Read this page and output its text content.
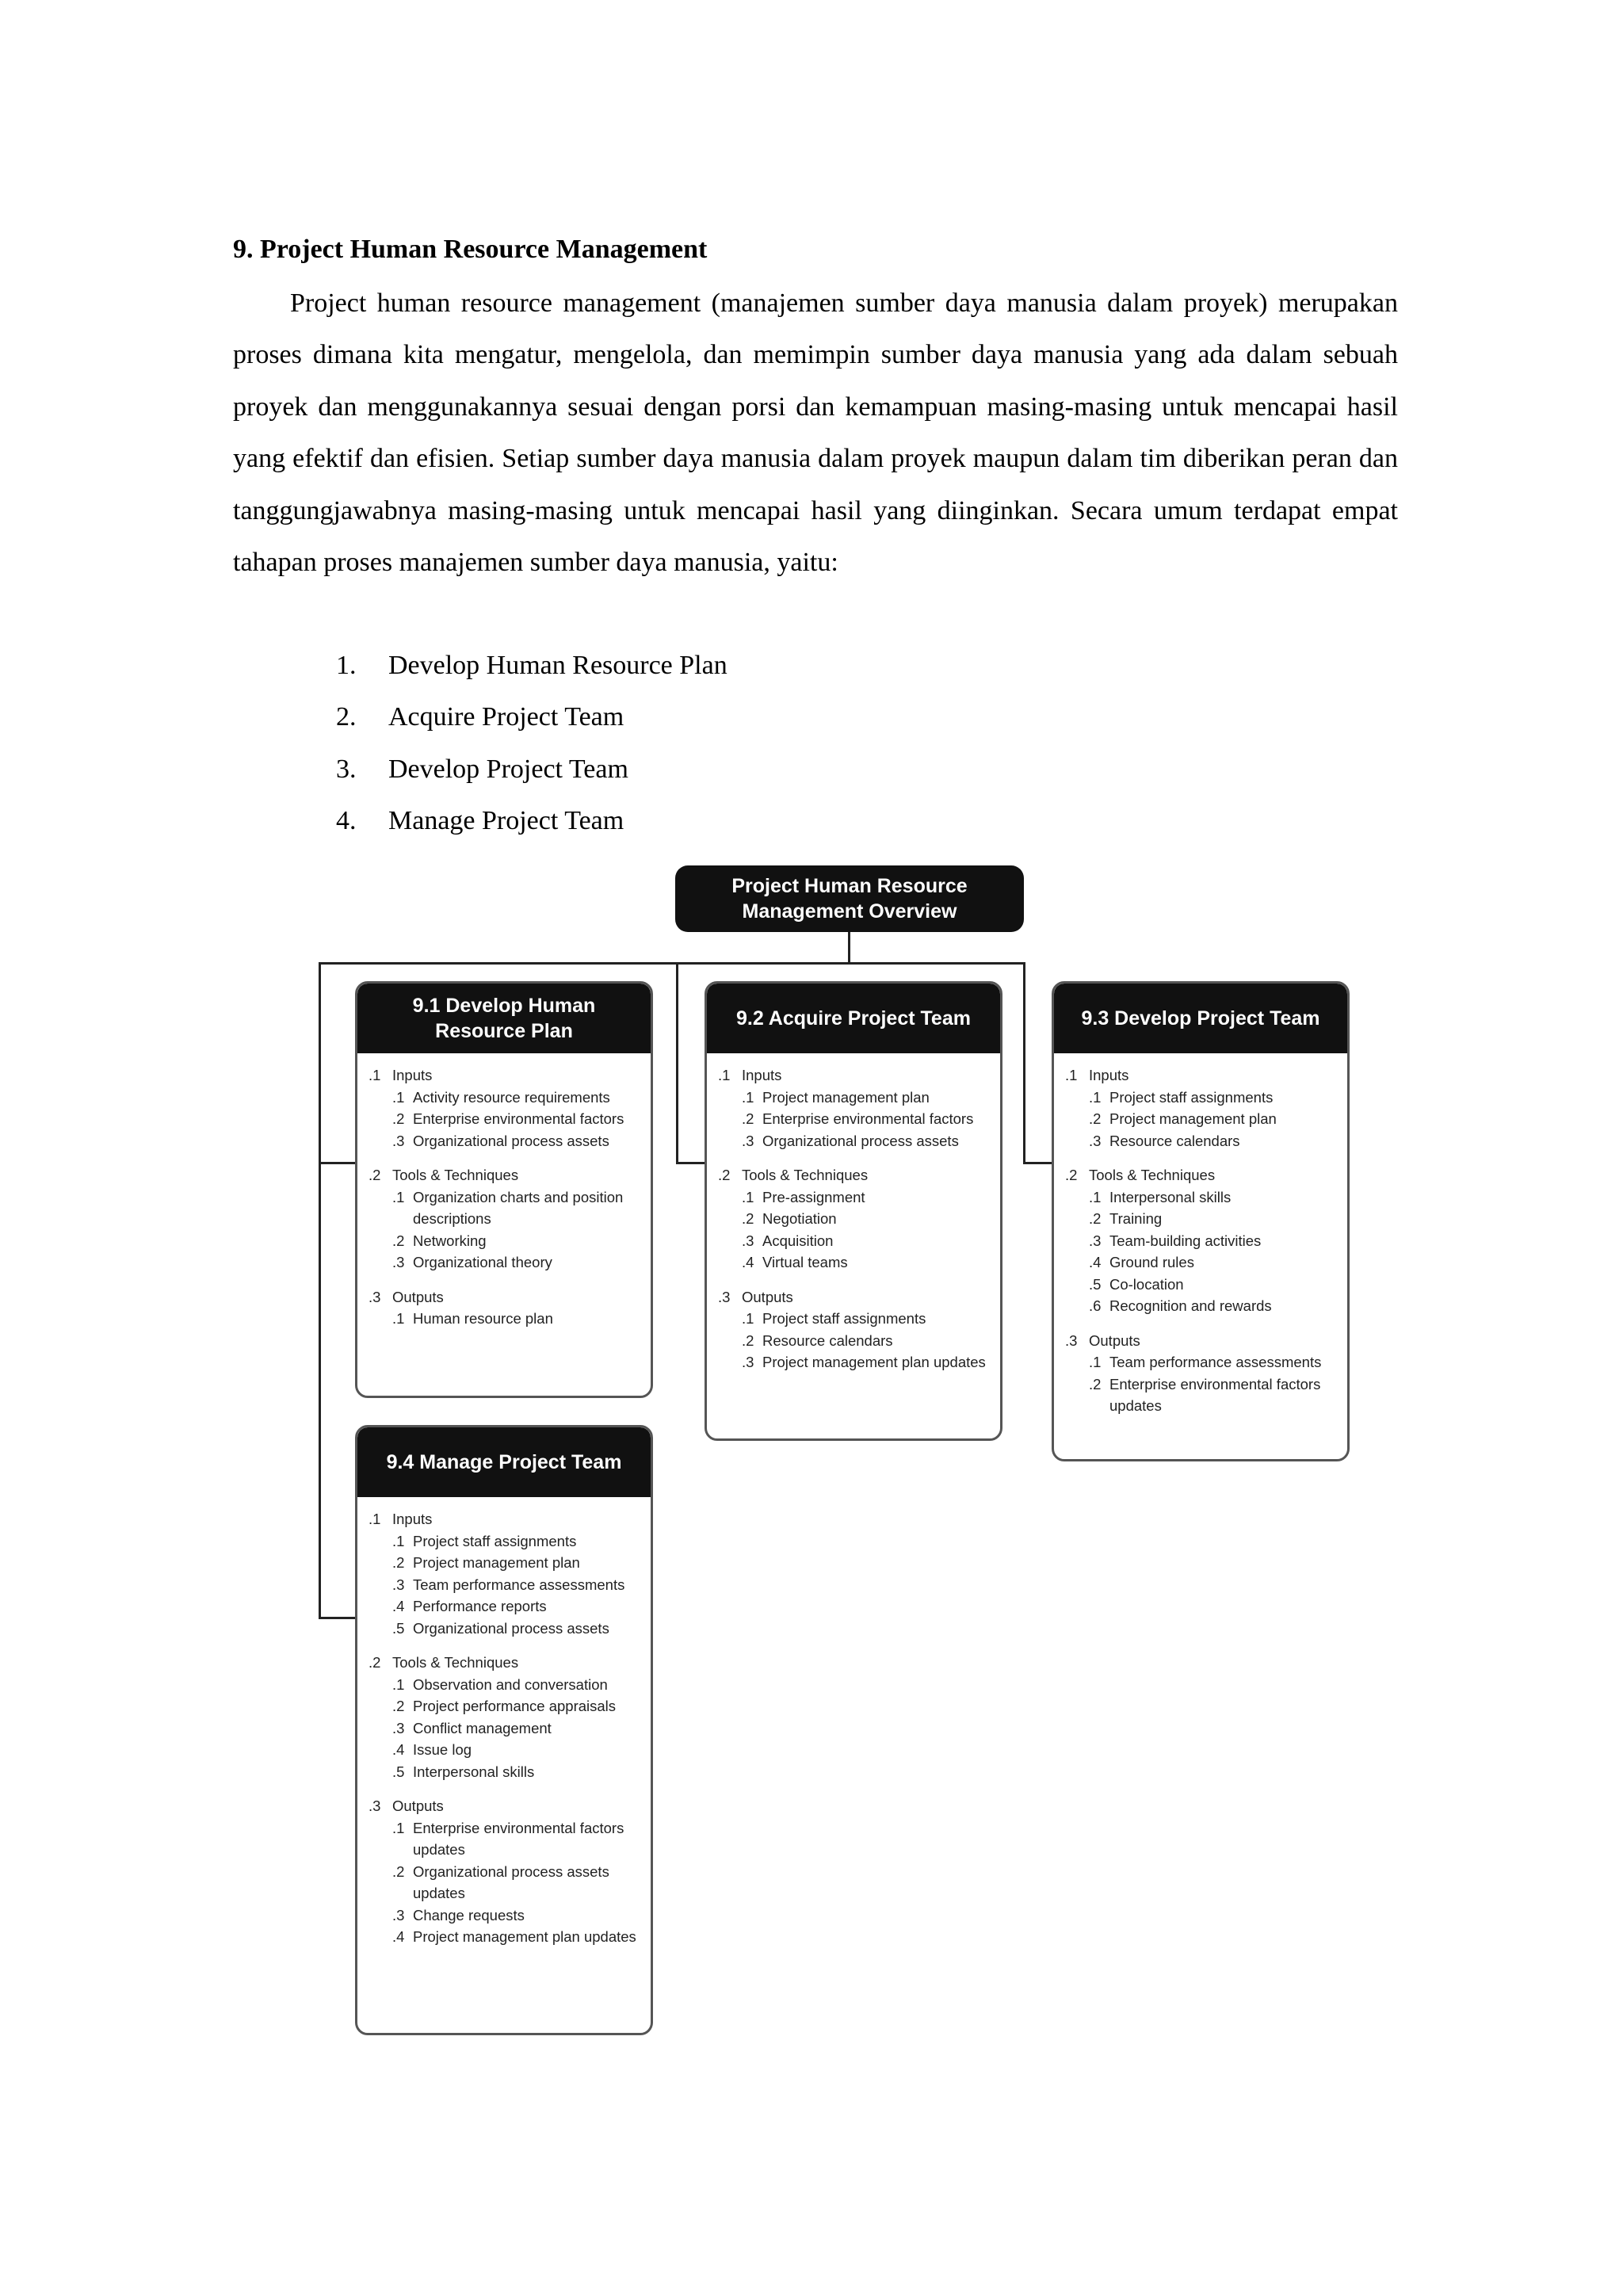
9. Project Human Resource Management

Project human resource management (manajemen sumber daya manusia dalam proyek) merupakan proses dimana kita mengatur, mengelola, dan memimpin sumber daya manusia yang ada dalam sebuah proyek dan menggunakannya sesuai dengan porsi dan kemampuan masing-masing untuk mencapai hasil yang efektif dan efisien. Setiap sumber daya manusia dalam proyek maupun dalam tim diberikan peran dan tanggungjawabnya masing-masing untuk mencapai hasil yang diinginkan. Secara umum terdapat empat tahapan proses manajemen sumber daya manusia, yaitu:

1.	Develop Human Resource Plan
2.	Acquire Project Team
3.	Develop Project Team
4.	Manage Project Team
Project Human Resource
Management Overview
9.1 Develop Human
Resource Plan
.1 Inputs
.1 Activity resource requirements
.2 Enterprise environmental factors
.3 Organizational process assets
.2 Tools & Techniques
.1 Organization charts and position descriptions
.2 Networking
.3 Organizational theory
.3 Outputs
.1 Human resource plan
9.2 Acquire Project Team
.1 Inputs
.1 Project management plan
.2 Enterprise environmental factors
.3 Organizational process assets
.2 Tools & Techniques
.1 Pre-assignment
.2 Negotiation
.3 Acquisition
.4 Virtual teams
.3 Outputs
.1 Project staff assignments
.2 Resource calendars
.3 Project management plan updates
9.3 Develop Project Team
.1 Inputs
.1 Project staff assignments
.2 Project management plan
.3 Resource calendars
.2 Tools & Techniques
.1 Interpersonal skills
.2 Training
.3 Team-building activities
.4 Ground rules
.5 Co-location
.6 Recognition and rewards
.3 Outputs
.1 Team performance assessments
.2 Enterprise environmental factors updates
9.4 Manage Project Team
.1 Inputs
.1 Project staff assignments
.2 Project management plan
.3 Team performance assessments
.4 Performance reports
.5 Organizational process assets
.2 Tools & Techniques
.1 Observation and conversation
.2 Project performance appraisals
.3 Conflict management
.4 Issue log
.5 Interpersonal skills
.3 Outputs
.1 Enterprise environmental factors updates
.2 Organizational process assets updates
.3 Change requests
.4 Project management plan updates
